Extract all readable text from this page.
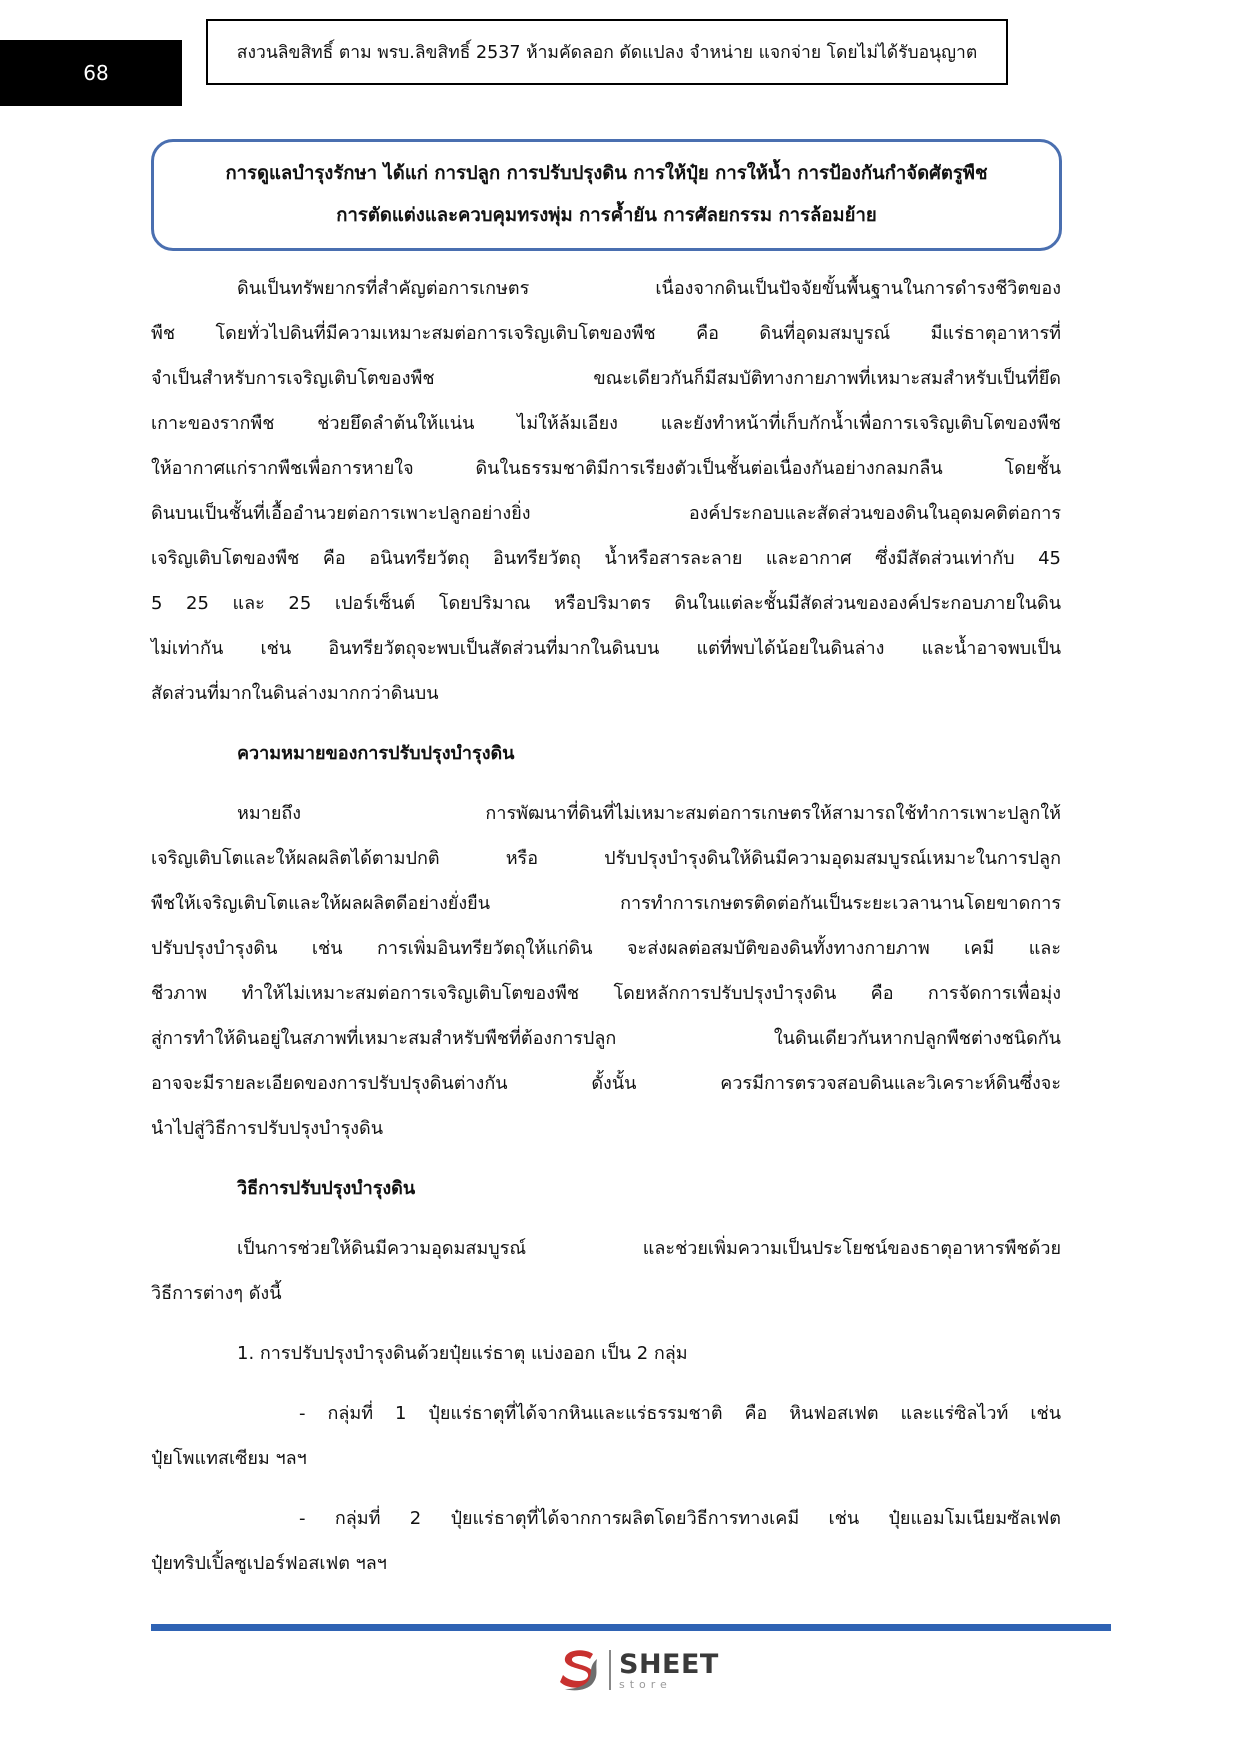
68
สงวนลิขสิทธิ์ ตาม พรบ.ลิขสิทธิ์ 2537 ห้ามคัดลอก ดัดแปลง จำหน่าย แจกจ่าย โดยไม่ได้รับอนุญาต
การดูแลบำรุงรักษา ได้แก่ การปลูก การปรับปรุงดิน การให้ปุ๋ย การให้น้ำ การป้องกันกำจัดศัตรูพืช
การตัดแต่งและควบคุมทรงพุ่ม การค้ำยัน การศัลยกรรม การล้อมย้าย
ดินเป็นทรัพยากรที่สำคัญต่อการเกษตร เนื่องจากดินเป็นปัจจัยขั้นพื้นฐานในการดำรงชีวิตของ
พืช โดยทั่วไปดินที่มีความเหมาะสมต่อการเจริญเติบโตของพืช คือ ดินที่อุดมสมบูรณ์ มีแร่ธาตุอาหารที่
จำเป็นสำหรับการเจริญเติบโตของพืช ขณะเดียวกันก็มีสมบัติทางกายภาพที่เหมาะสมสำหรับเป็นที่ยึด
เกาะของรากพืช ช่วยยึดลำต้นให้แน่น ไม่ให้ล้มเอียง และยังทำหน้าที่เก็บกักน้ำเพื่อการเจริญเติบโตของพืช
ให้อากาศแก่รากพืชเพื่อการหายใจ ดินในธรรมชาติมีการเรียงตัวเป็นชั้นต่อเนื่องกันอย่างกลมกลืน โดยชั้น
ดินบนเป็นชั้นที่เอื้ออำนวยต่อการเพาะปลูกอย่างยิ่ง องค์ประกอบและสัดส่วนของดินในอุดมคติต่อการ
เจริญเติบโตของพืช คือ อนินทรียวัตถุ อินทรียวัตถุ น้ำหรือสารละลาย และอากาศ ซึ่งมีสัดส่วนเท่ากับ 45
5 25 และ 25 เปอร์เซ็นต์ โดยปริมาณ หรือปริมาตร ดินในแต่ละชั้นมีสัดส่วนขององค์ประกอบภายในดิน
ไม่เท่ากัน เช่น อินทรียวัตถุจะพบเป็นสัดส่วนที่มากในดินบน แต่ที่พบได้น้อยในดินล่าง และน้ำอาจพบเป็น
สัดส่วนที่มากในดินล่างมากกว่าดินบน
ความหมายของการปรับปรุงบำรุงดิน
หมายถึง การพัฒนาที่ดินที่ไม่เหมาะสมต่อการเกษตรให้สามารถใช้ทำการเพาะปลูกให้
เจริญเติบโตและให้ผลผลิตได้ตามปกติ หรือ ปรับปรุงบำรุงดินให้ดินมีความอุดมสมบูรณ์เหมาะในการปลูก
พืชให้เจริญเติบโตและให้ผลผลิตดีอย่างยั่งยืน การทำการเกษตรติดต่อกันเป็นระยะเวลานานโดยขาดการ
ปรับปรุงบำรุงดิน เช่น การเพิ่มอินทรียวัตถุให้แก่ดิน จะส่งผลต่อสมบัติของดินทั้งทางกายภาพ เคมี และ
ชีวภาพ ทำให้ไม่เหมาะสมต่อการเจริญเติบโตของพืช โดยหลักการปรับปรุงบำรุงดิน คือ การจัดการเพื่อมุ่ง
สู่การทำให้ดินอยู่ในสภาพที่เหมาะสมสำหรับพืชที่ต้องการปลูก ในดินเดียวกันหากปลูกพืชต่างชนิดกัน
อาจจะมีรายละเอียดของการปรับปรุงดินต่างกัน ดั้งนั้น ควรมีการตรวจสอบดินและวิเคราะห์ดินซึ่งจะ
นำไปสู่วิธีการปรับปรุงบำรุงดิน
วิธีการปรับปรุงบำรุงดิน
เป็นการช่วยให้ดินมีความอุดมสมบูรณ์ และช่วยเพิ่มความเป็นประโยชน์ของธาตุอาหารพืชด้วย
วิธีการต่างๆ ดังนี้
1. การปรับปรุงบำรุงดินด้วยปุ๋ยแร่ธาตุ แบ่งออก เป็น 2 กลุ่ม
- กลุ่มที่ 1 ปุ๋ยแร่ธาตุที่ได้จากหินและแร่ธรรมชาติ คือ หินฟอสเฟต และแร่ซิลไวท์ เช่น
ปุ๋ยโพแทสเซียม ฯลฯ
- กลุ่มที่ 2 ปุ๋ยแร่ธาตุที่ได้จากการผลิตโดยวิธีการทางเคมี เช่น ปุ๋ยแอมโมเนียมซัลเฟต
ปุ๋ยทริปเปิ้ลซูเปอร์ฟอสเฟต ฯลฯ
SHEET
store
